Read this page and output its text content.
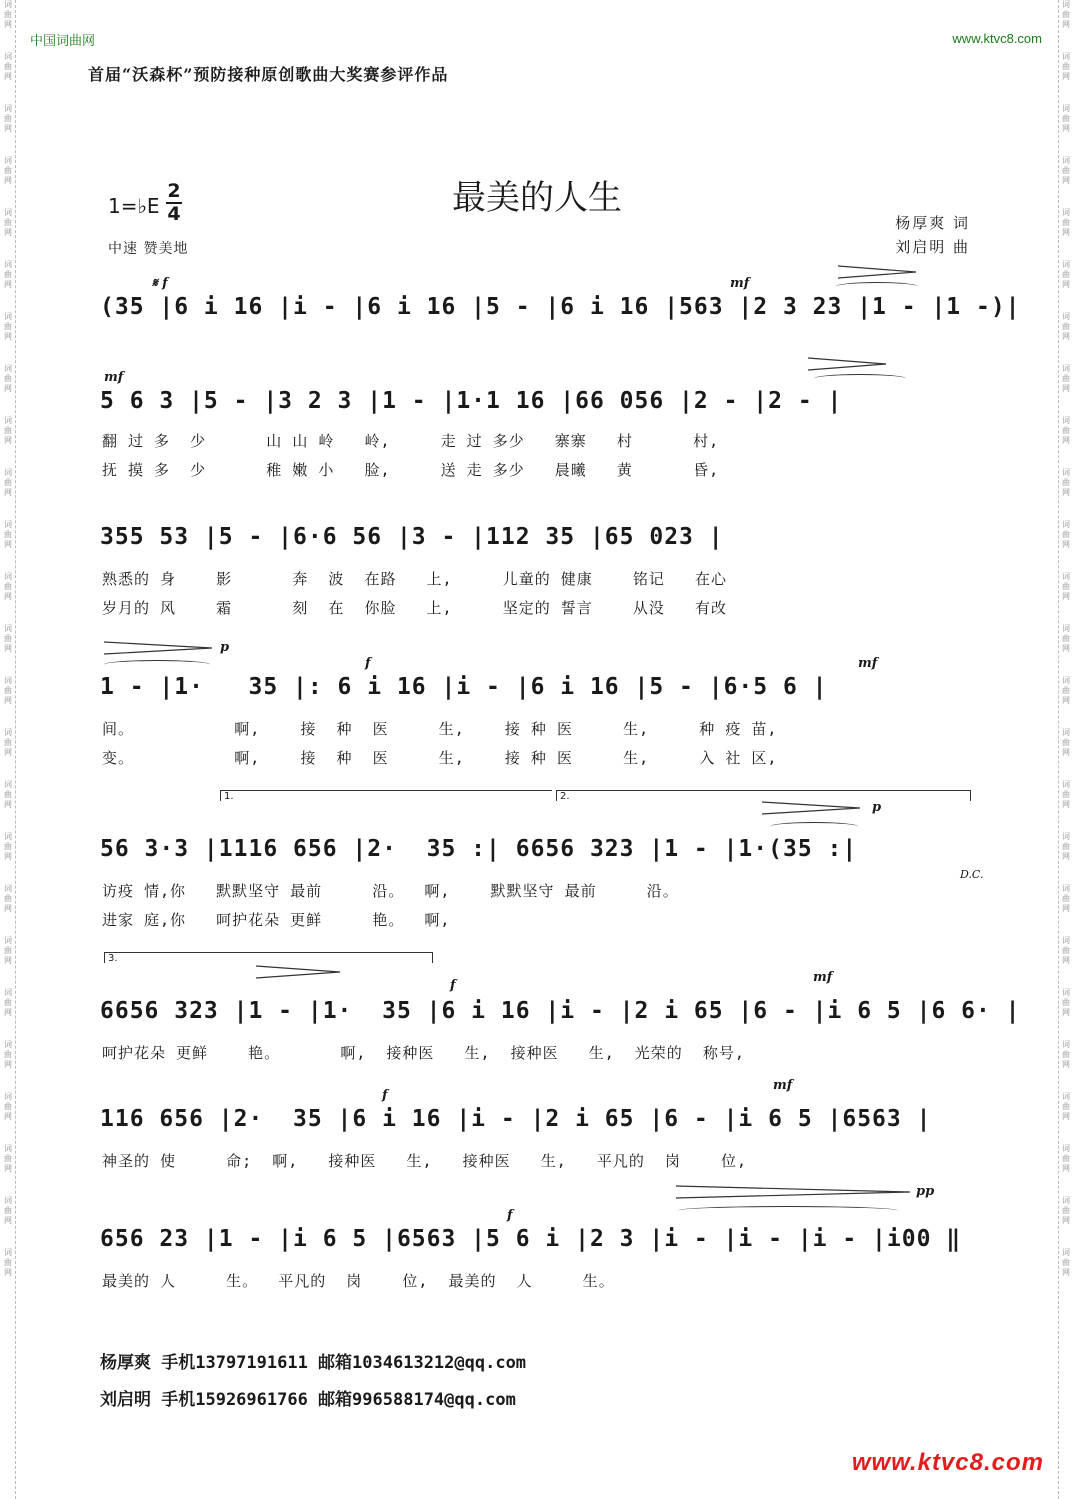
词曲网
词曲网
词曲网
词曲网
词曲网
词曲网
词曲网
词曲网
词曲网
词曲网
词曲网
词曲网
词曲网
词曲网
词曲网
词曲网
词曲网
词曲网
词曲网
词曲网
词曲网
词曲网
词曲网
词曲网
词曲网
词曲网
词曲网
词曲网
词曲网
词曲网
词曲网
词曲网
词曲网
词曲网
词曲网
词曲网
词曲网
词曲网
词曲网
词曲网
词曲网
词曲网
词曲网
词曲网
词曲网
词曲网
词曲网
词曲网
词曲网
词曲网
中国词曲网	www.ktvc8.com
首届“沃森杯”预防接种原创歌曲大奖赛参评作品
最美的人生
1=♭E
2
4
中速 赞美地
杨厚爽 词
刘启明 曲
𝄋 f	mf
mf
p
f	mf
p
f
mf
f
mf
f
pp
1.	2.
3.
D.C.
(35 |6 i 16 |i - |6 i 16 |5 - |6 i 16 |563 |2 3 23 |1 - |1 -)|
5 6 3 |5 - |3 2 3 |1 - |1·1 16 |66 056 |2 - |2 - |
翻 过 多  少      山 山 岭   岭,     走 过 多少   寨寨   村      村,
抚 摸 多  少      稚 嫩 小   脸,     送 走 多少   晨曦   黄      昏,
355 53 |5 - |6·6 56 |3 - |112 35 |65 023 |
熟悉的 身    影      奔  波  在路   上,     儿童的 健康    铭记   在心
岁月的 风    霜      刻  在  你脸   上,     坚定的 誓言    从没   有改
1 - |1·   35 |: 6 i 16 |i - |6 i 16 |5 - |6·5 6 |
间。          啊,    接  种  医     生,    接 种 医     生,     种 疫 苗,
变。          啊,    接  种  医     生,    接 种 医     生,     入 社 区,
56 3·3 |1116 656 |2·  35 :| 6656 323 |1 - |1·(35 :|
访疫 情,你   默默坚守 最前     沿。  啊,    默默坚守 最前     沿。
进家 庭,你   呵护花朵 更鲜     艳。  啊,
6656 323 |1 - |1·  35 |6 i 16 |i - |2 i 65 |6 - |i 6 5 |6 6· |
呵护花朵 更鲜    艳。      啊,  接种医   生,  接种医   生,  光荣的  称号,
116 656 |2·  35 |6 i 16 |i - |2 i 65 |6 - |i 6 5 |6563 |
神圣的 使     命;  啊,   接种医   生,   接种医   生,   平凡的  岗    位,
656 23 |1 - |i 6 5 |6563 |5 6 i |2 3 |i - |i - |i - |i00 ‖
最美的 人     生。  平凡的  岗    位,  最美的  人     生。
杨厚爽 手机13797191611 邮箱1034613212@qq.com
刘启明 手机15926961766 邮箱996588174@qq.com
www.ktvc8.com
